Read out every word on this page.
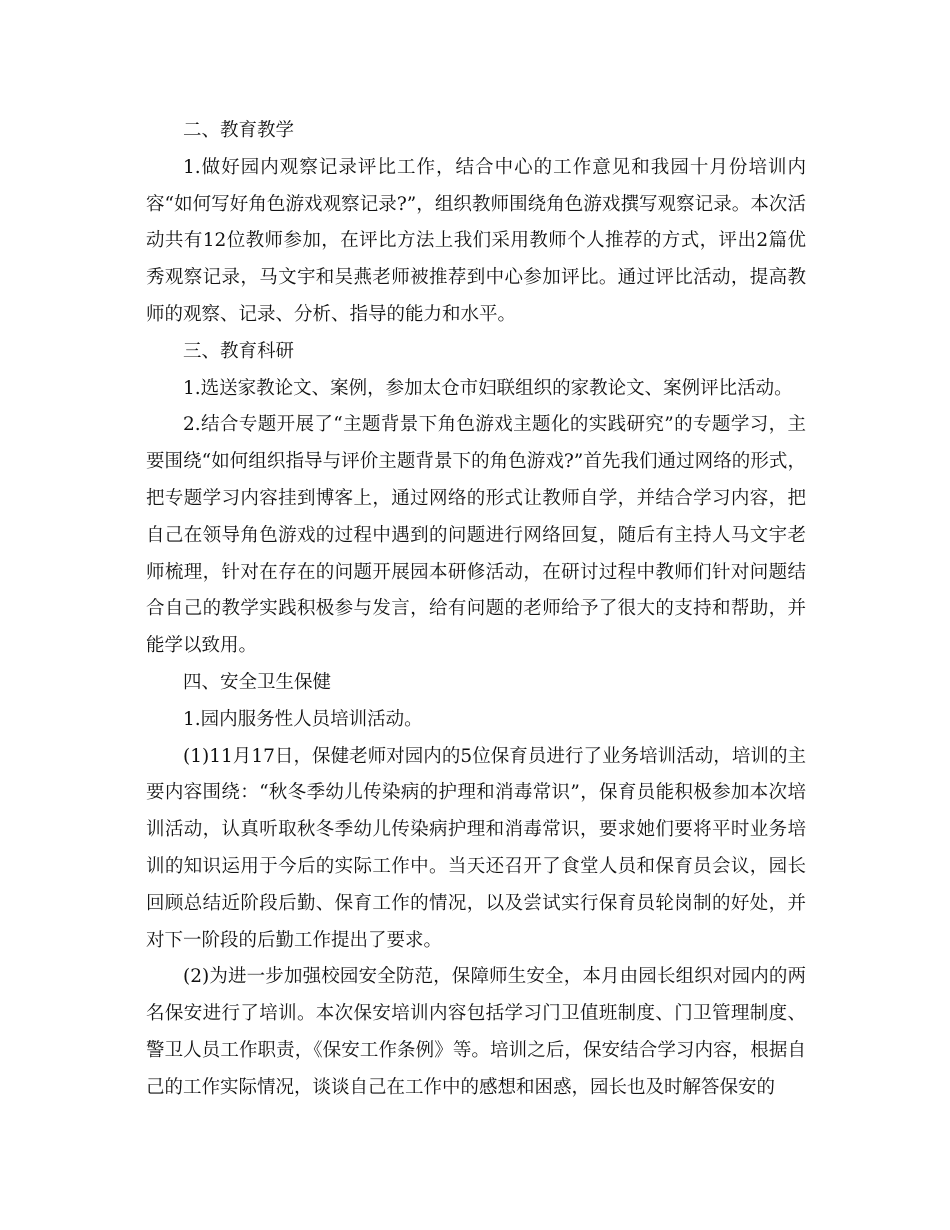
二、教育教学

1.做好园内观察记录评比工作，结合中心的工作意见和我园十月份培训内容“如何写好角色游戏观察记录?”，组织教师围绕角色游戏撰写观察记录。本次活动共有12位教师参加，在评比方法上我们采用教师个人推荐的方式，评出2篇优秀观察记录，马文宇和吴燕老师被推荐到中心参加评比。通过评比活动，提高教师的观察、记录、分析、指导的能力和水平。

三、教育科研

1.选送家教论文、案例，参加太仓市妇联组织的家教论文、案例评比活动。

2.结合专题开展了“主题背景下角色游戏主题化的实践研究”的专题学习，主要围绕“如何组织指导与评价主题背景下的角色游戏?”首先我们通过网络的形式，把专题学习内容挂到博客上，通过网络的形式让教师自学，并结合学习内容，把自己在领导角色游戏的过程中遇到的问题进行网络回复，随后有主持人马文宇老师梳理，针对在存在的问题开展园本研修活动，在研讨过程中教师们针对问题结合自己的教学实践积极参与发言，给有问题的老师给予了很大的支持和帮助，并能学以致用。

四、安全卫生保健

1.园内服务性人员培训活动。

(1)11月17日，保健老师对园内的5位保育员进行了业务培训活动，培训的主要内容围绕：“秋冬季幼儿传染病的护理和消毒常识”，保育员能积极参加本次培训活动，认真听取秋冬季幼儿传染病护理和消毒常识，要求她们要将平时业务培训的知识运用于今后的实际工作中。当天还召开了食堂人员和保育员会议，园长回顾总结近阶段后勤、保育工作的情况，以及尝试实行保育员轮岗制的好处，并对下一阶段的后勤工作提出了要求。

(2)为进一步加强校园安全防范，保障师生安全，本月由园长组织对园内的两名保安进行了培训。本次保安培训内容包括学习门卫值班制度、门卫管理制度、警卫人员工作职责，《保安工作条例》等。培训之后，保安结合学习内容，根据自己的工作实际情况，谈谈自己在工作中的感想和困惑，园长也及时解答保安的
